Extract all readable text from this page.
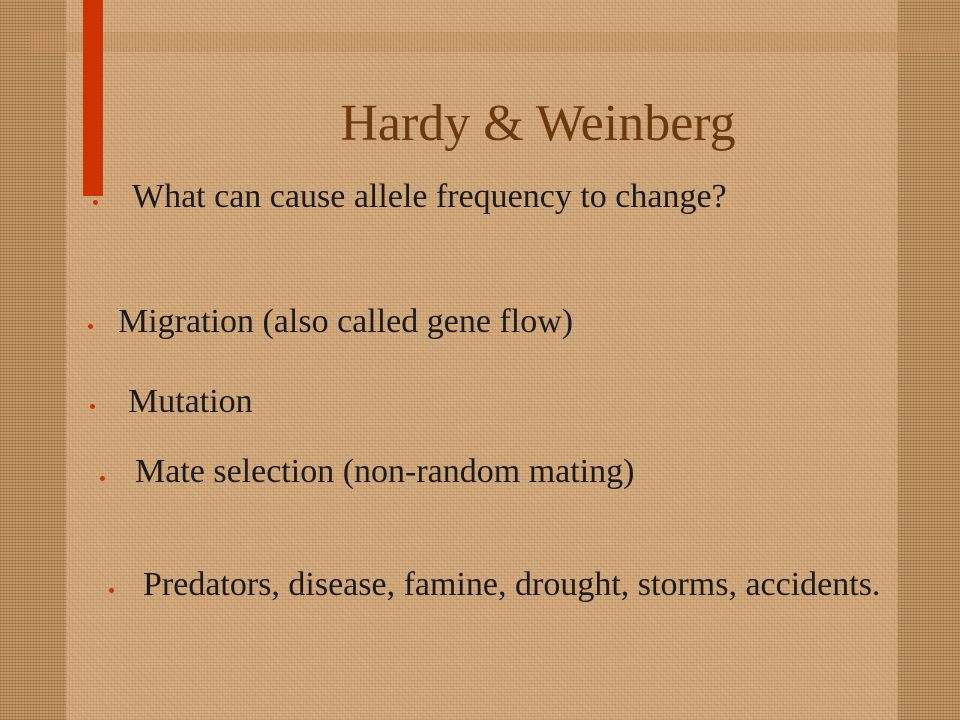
Hardy & Weinberg
What can cause allele frequency to change?
Migration (also called gene flow)
Mutation
Mate selection (non-random mating)
Predators, disease, famine, drought, storms, accidents.
